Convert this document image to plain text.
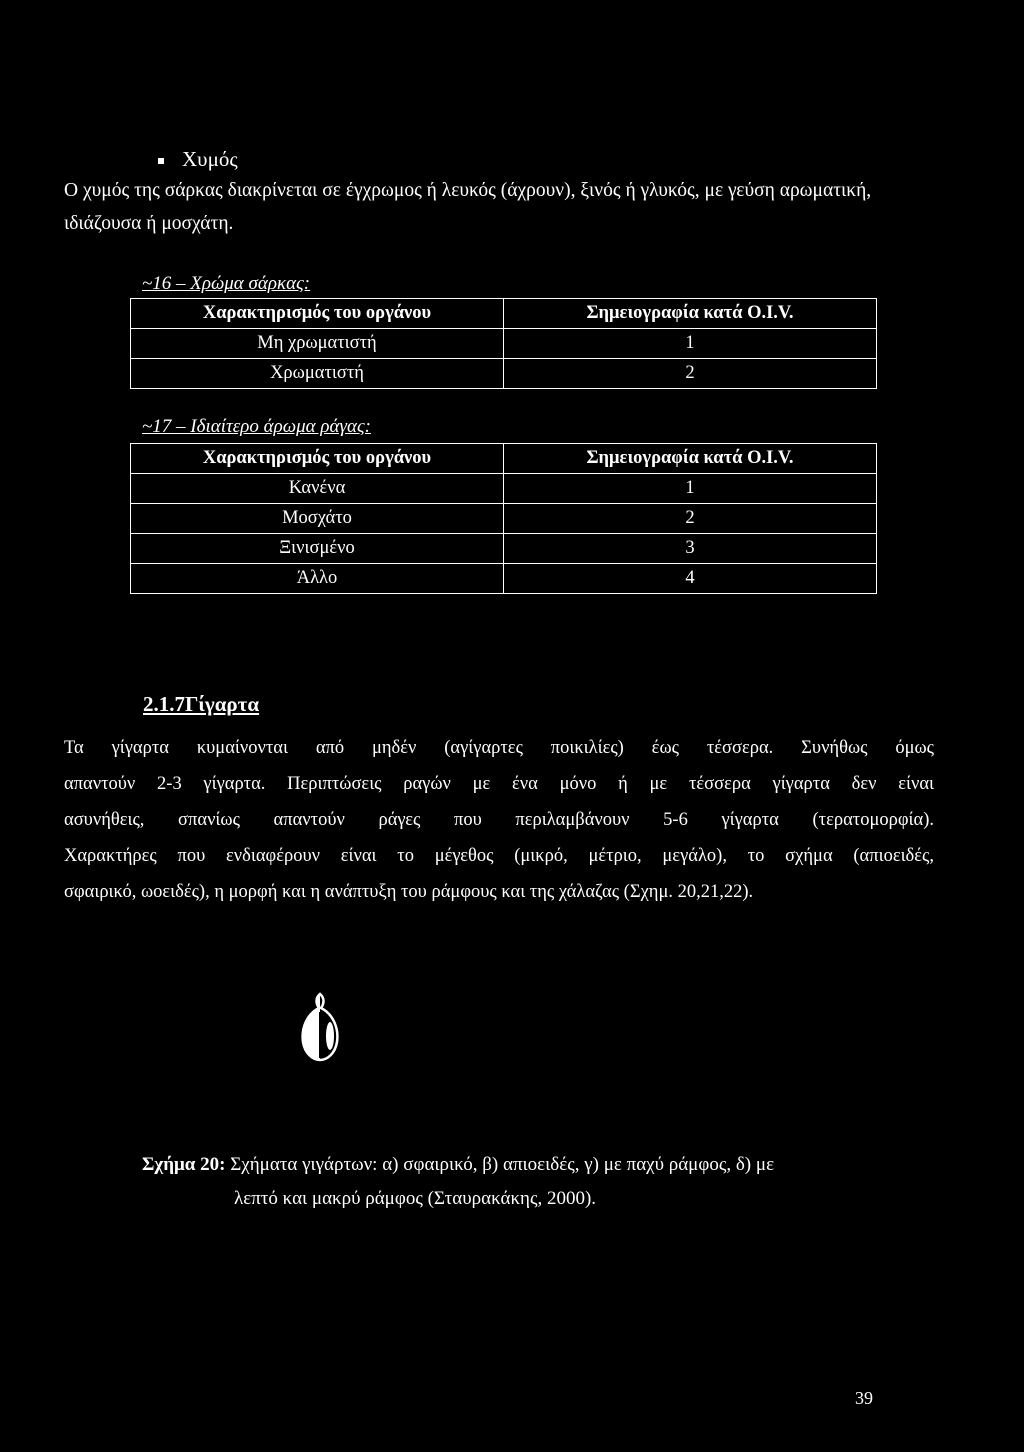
Χυμός
Ο χυμός της σάρκας διακρίνεται σε έγχρωμος ή λευκός (άχρουν), ξινός ή γλυκός, με γεύση αρωματική, ιδιάζουσα ή μοσχάτη.
~16 – Χρώμα σάρκας:
Χαρακτηρισμός του οργάνου	Σημειογραφία κατά Ο.Ι.V.
Μη χρωματιστή	1
Χρωματιστή	2
~17 – Ιδιαίτερο άρωμα ράγας:
Χαρακτηρισμός του οργάνου	Σημειογραφία κατά Ο.Ι.V.
Κανένα	1
Μοσχάτο	2
Ξινισμένο	3
Άλλο	4
2.1.7Γίγαρτα
Τα γίγαρτα κυμαίνονται από μηδέν (αγίγαρτες ποικιλίες) έως τέσσερα. Συνήθως όμως
απαντούν 2-3 γίγαρτα. Περιπτώσεις ραγών με ένα μόνο ή με τέσσερα γίγαρτα δεν είναι
ασυνήθεις, σπανίως απαντούν ράγες που περιλαμβάνουν 5-6 γίγαρτα (τερατομορφία).
Χαρακτήρες που ενδιαφέρουν είναι το μέγεθος (μικρό, μέτριο, μεγάλο), το σχήμα (απιοειδές,
σφαιρικό, ωοειδές), η μορφή και η ανάπτυξη του ράμφους και της χάλαζας (Σχημ. 20,21,22).
Σχήμα 20: Σχήματα γιγάρτων: α) σφαιρικό, β) απιοειδές, γ) με παχύ ράμφος, δ) με
λεπτό και μακρύ ράμφος (Σταυρακάκης, 2000).
39
